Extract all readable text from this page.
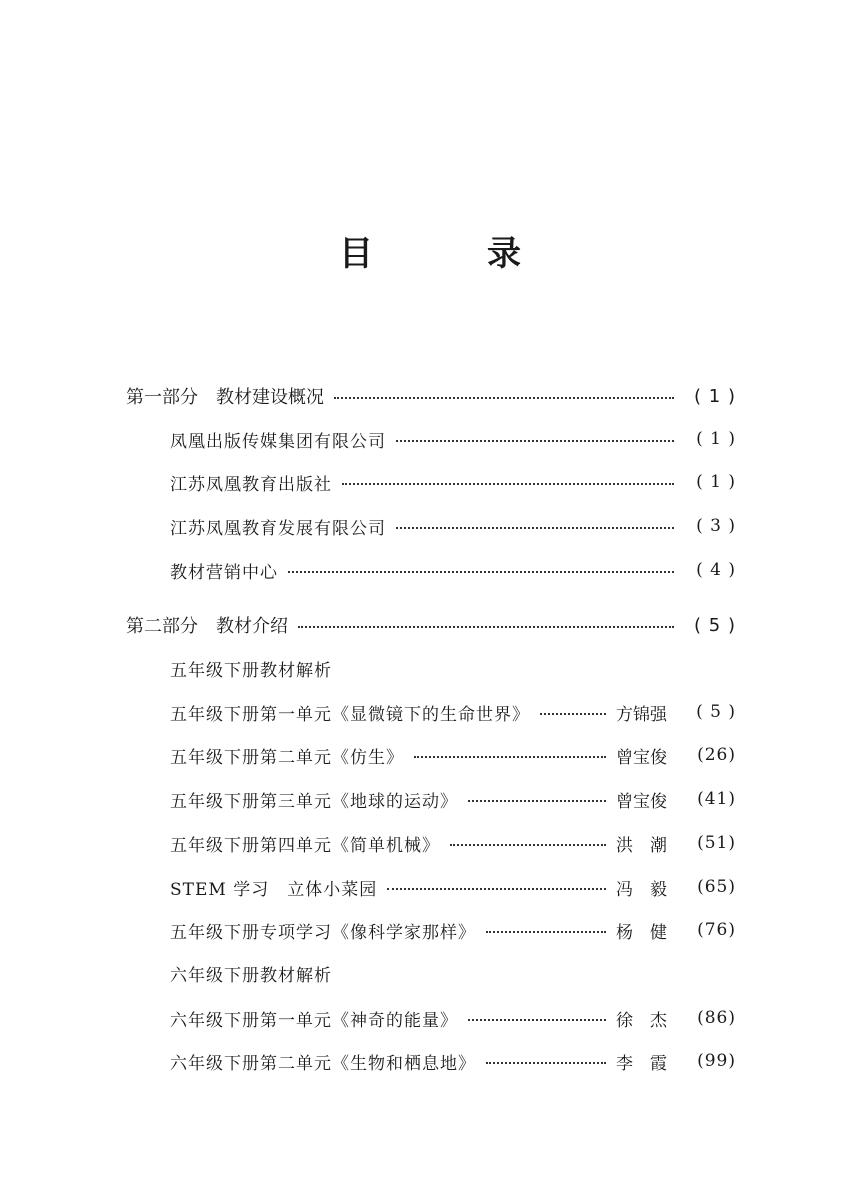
目　录
第一部分　教材建设概况	( 1 )
凤凰出版传媒集团有限公司	( 1 )
江苏凤凰教育出版社	( 1 )
江苏凤凰教育发展有限公司	( 3 )
教材营销中心	( 4 )
第二部分　教材介绍	( 5 )
五年级下册教材解析
五年级下册第一单元《显微镜下的生命世界》	方锦强	( 5 )
五年级下册第二单元《仿生》	曾宝俊	(26)
五年级下册第三单元《地球的运动》	曾宝俊	(41)
五年级下册第四单元《简单机械》	洪　潮	(51)
STEM 学习　立体小菜园	冯　毅	(65)
五年级下册专项学习《像科学家那样》	杨　健	(76)
六年级下册教材解析
六年级下册第一单元《神奇的能量》	徐　杰	(86)
六年级下册第二单元《生物和栖息地》	李　霞	(99)
